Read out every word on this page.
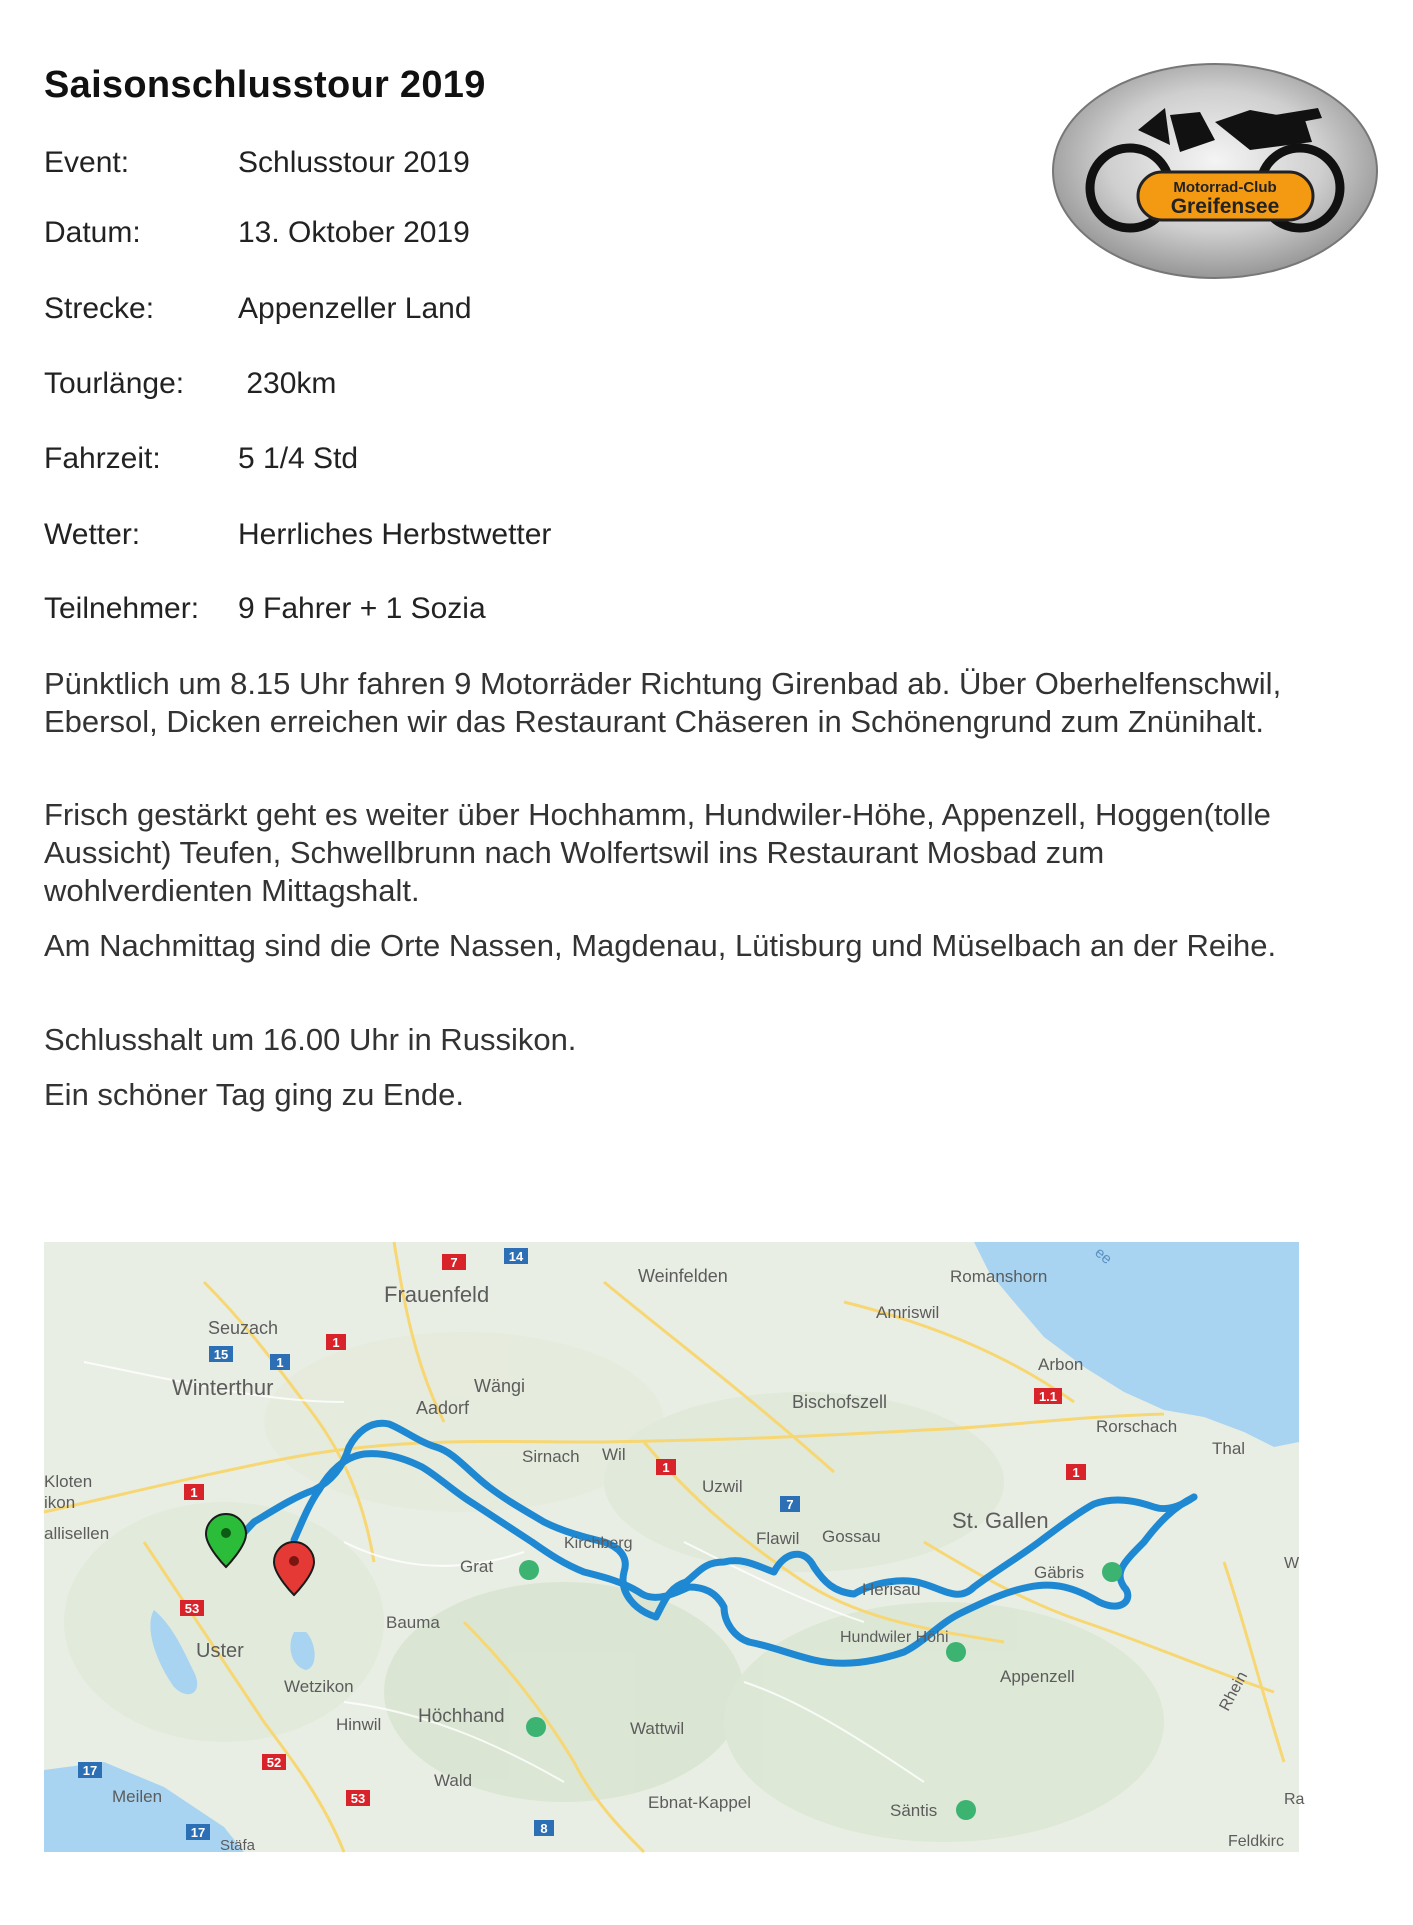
Saisonschlusstour 2019
Event:	Schlusstour 2019
Datum:	13. Oktober 2019
Strecke:	Appenzeller Land
Tourlänge: 230km
Fahrzeit:	5 1/4 Std
Wetter:	Herrliches Herbstwetter
Teilnehmer: 9 Fahrer + 1 Sozia
Pünktlich um 8.15 Uhr fahren 9 Motorräder Richtung Girenbad ab. Über Oberhelfenschwil, Ebersol, Dicken erreichen wir das Restaurant Chäseren in Schönengrund zum Znünihalt.
Frisch gestärkt geht es weiter über Hochhamm, Hundwiler-Höhe, Appenzell, Hoggen(tolle Aussicht) Teufen, Schwellbrunn nach Wolfertswil ins Restaurant Mosbad zum wohlverdienten Mittagshalt.
Am Nachmittag sind die Orte Nassen, Magdenau, Lütisburg und Müselbach an der Reihe.
Schlusshalt um 16.00 Uhr in Russikon.
Ein schöner Tag ging zu Ende.
Motorrad-Club
Greifensee
7	14
15
1
1
1
1	1
1.1
7
53
52
53
17
17	8
Frauenfeld
Weinfelden	Romanshorn
Amriswil
Seuzach
Winterthur
Arbon
Wängi
Aadorf	Bischofszell
Rorschach
Thal
Sirnach Wil
Uzwil
Kloten
ikon
allisellen	Flawil Gossau
St. Gallen
Kirchberg
Grat	Gäbris
Herisau
Bauma
Uster
Hundwiler Höhi
Appenzell
Wetzikon
Hinwil Höchhand
Wattwil
Rhein
Meilen
Wald
Ebnat-Kappel	Säntis
Stäfa	Feldkirc
W
Ra
ee
